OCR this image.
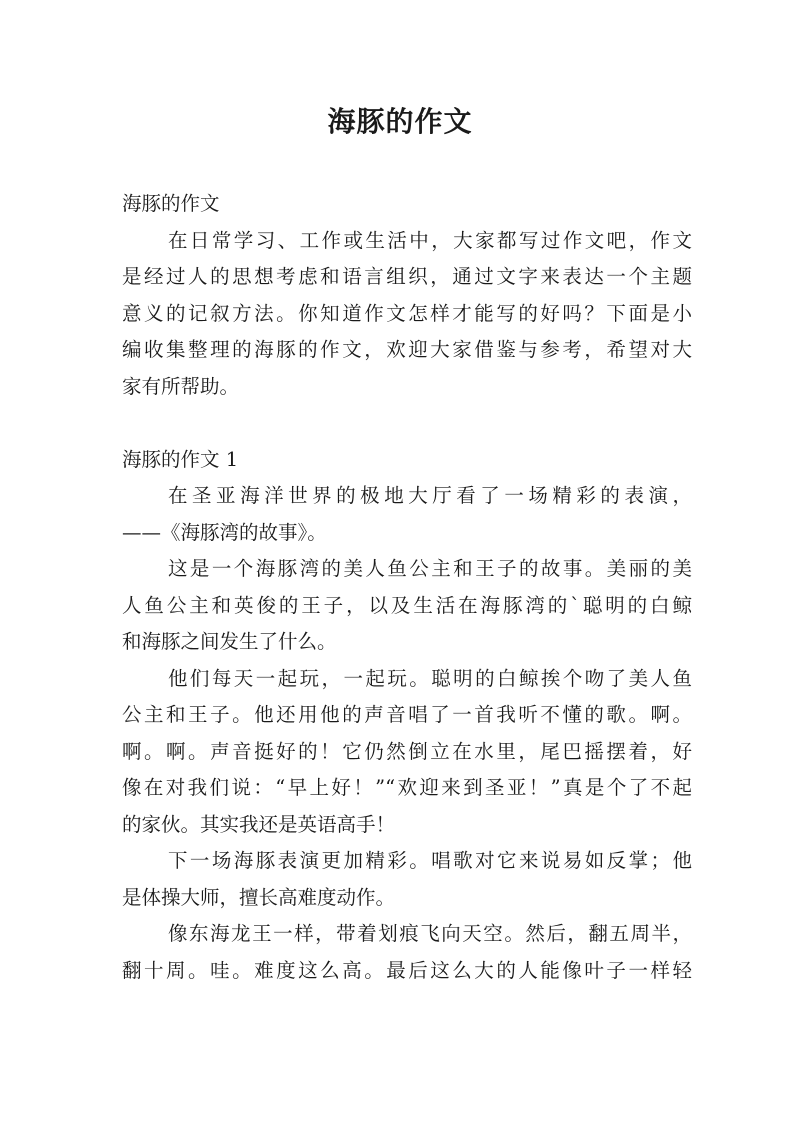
海豚的作文
海豚的作文
在日常学习、工作或生活中，大家都写过作文吧，作文
是经过人的思想考虑和语言组织，通过文字来表达一个主题
意义的记叙方法。你知道作文怎样才能写的好吗？下面是小
编收集整理的海豚的作文，欢迎大家借鉴与参考，希望对大
家有所帮助。
海豚的作文 1
在圣亚海洋世界的极地大厅看了一场精彩的表演，
——《海豚湾的故事》。
这是一个海豚湾的美人鱼公主和王子的故事。美丽的美
人鱼公主和英俊的王子，以及生活在海豚湾的`聪明的白鲸
和海豚之间发生了什么。
他们每天一起玩，一起玩。聪明的白鲸挨个吻了美人鱼
公主和王子。他还用他的声音唱了一首我听不懂的歌。啊。
啊。啊。声音挺好的！它仍然倒立在水里，尾巴摇摆着，好
像在对我们说：“早上好！”“欢迎来到圣亚！”真是个了不起
的家伙。其实我还是英语高手！
下一场海豚表演更加精彩。唱歌对它来说易如反掌；他
是体操大师，擅长高难度动作。
像东海龙王一样，带着划痕飞向天空。然后，翻五周半，
翻十周。哇。难度这么高。最后这么大的人能像叶子一样轻
